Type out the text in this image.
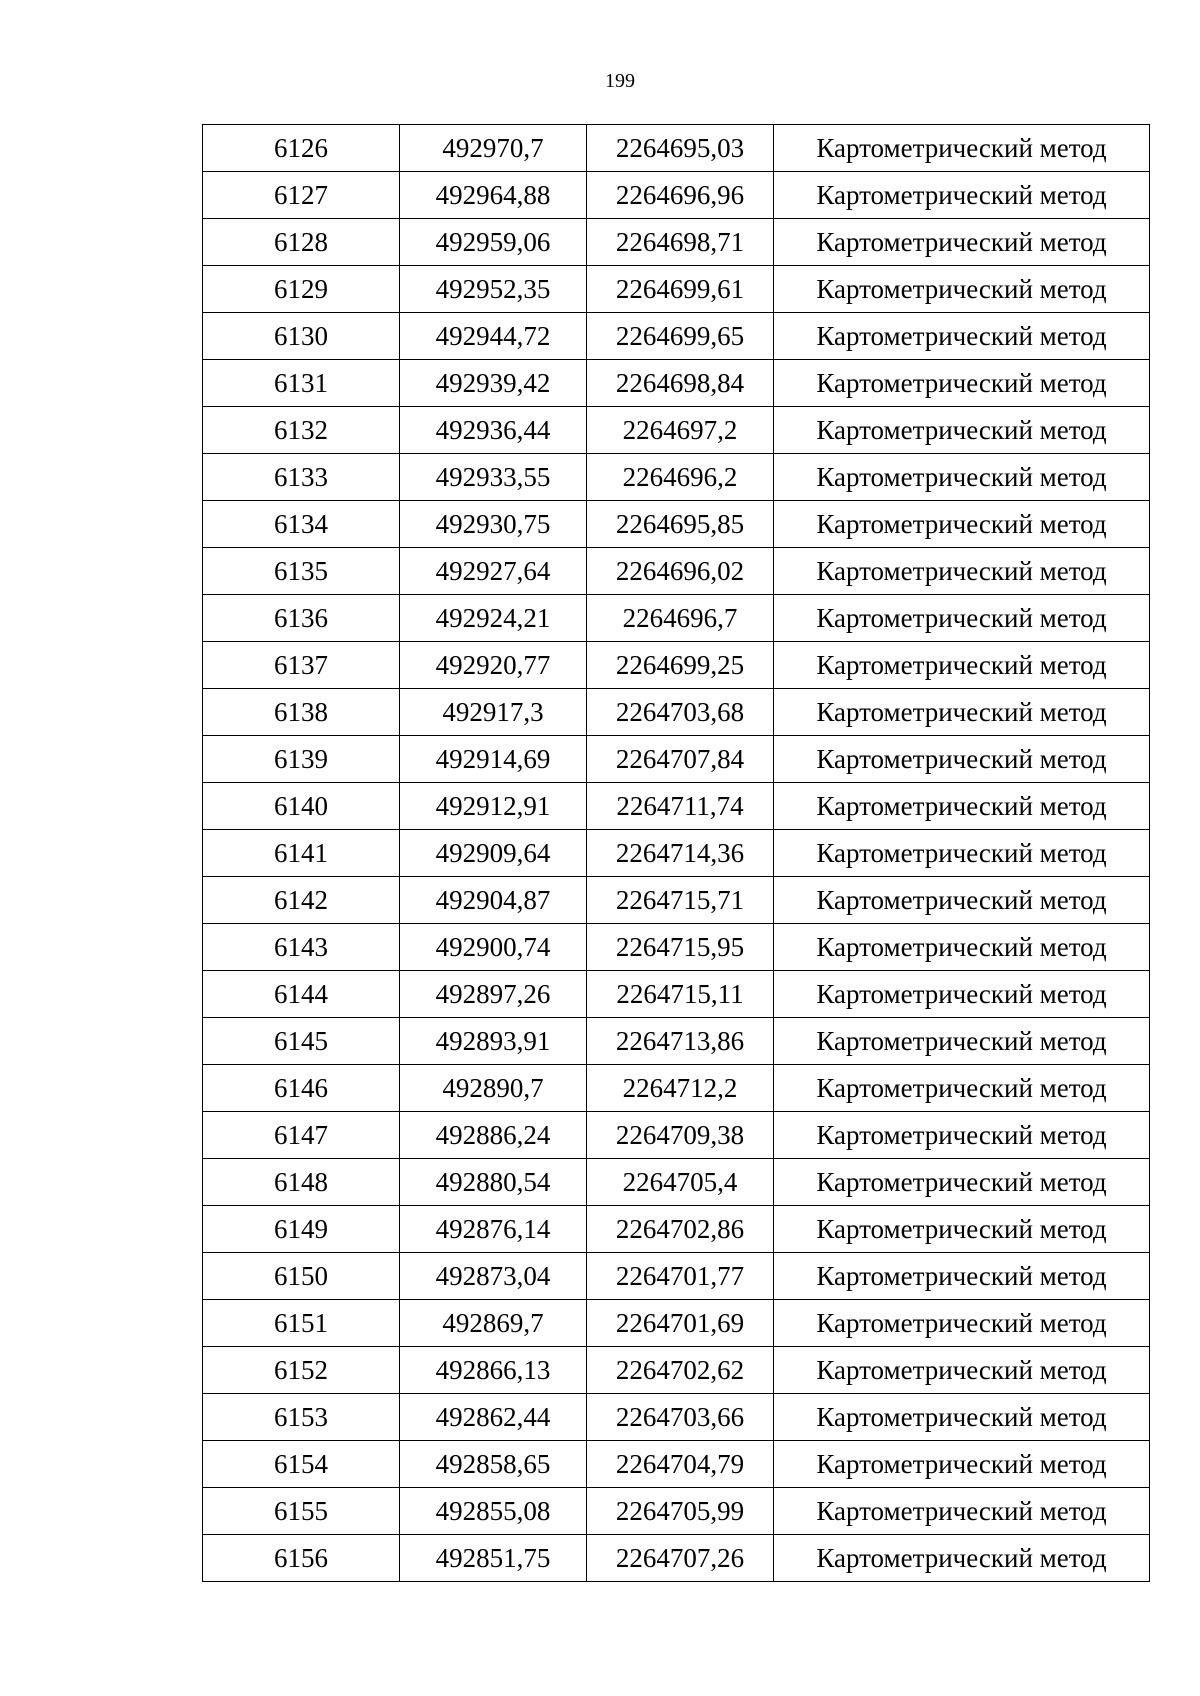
199
6126	492970,7	2264695,03	Картометрический метод
6127	492964,88	2264696,96	Картометрический метод
6128	492959,06	2264698,71	Картометрический метод
6129	492952,35	2264699,61	Картометрический метод
6130	492944,72	2264699,65	Картометрический метод
6131	492939,42	2264698,84	Картометрический метод
6132	492936,44	2264697,2	Картометрический метод
6133	492933,55	2264696,2	Картометрический метод
6134	492930,75	2264695,85	Картометрический метод
6135	492927,64	2264696,02	Картометрический метод
6136	492924,21	2264696,7	Картометрический метод
6137	492920,77	2264699,25	Картометрический метод
6138	492917,3	2264703,68	Картометрический метод
6139	492914,69	2264707,84	Картометрический метод
6140	492912,91	2264711,74	Картометрический метод
6141	492909,64	2264714,36	Картометрический метод
6142	492904,87	2264715,71	Картометрический метод
6143	492900,74	2264715,95	Картометрический метод
6144	492897,26	2264715,11	Картометрический метод
6145	492893,91	2264713,86	Картометрический метод
6146	492890,7	2264712,2	Картометрический метод
6147	492886,24	2264709,38	Картометрический метод
6148	492880,54	2264705,4	Картометрический метод
6149	492876,14	2264702,86	Картометрический метод
6150	492873,04	2264701,77	Картометрический метод
6151	492869,7	2264701,69	Картометрический метод
6152	492866,13	2264702,62	Картометрический метод
6153	492862,44	2264703,66	Картометрический метод
6154	492858,65	2264704,79	Картометрический метод
6155	492855,08	2264705,99	Картометрический метод
6156	492851,75	2264707,26	Картометрический метод
